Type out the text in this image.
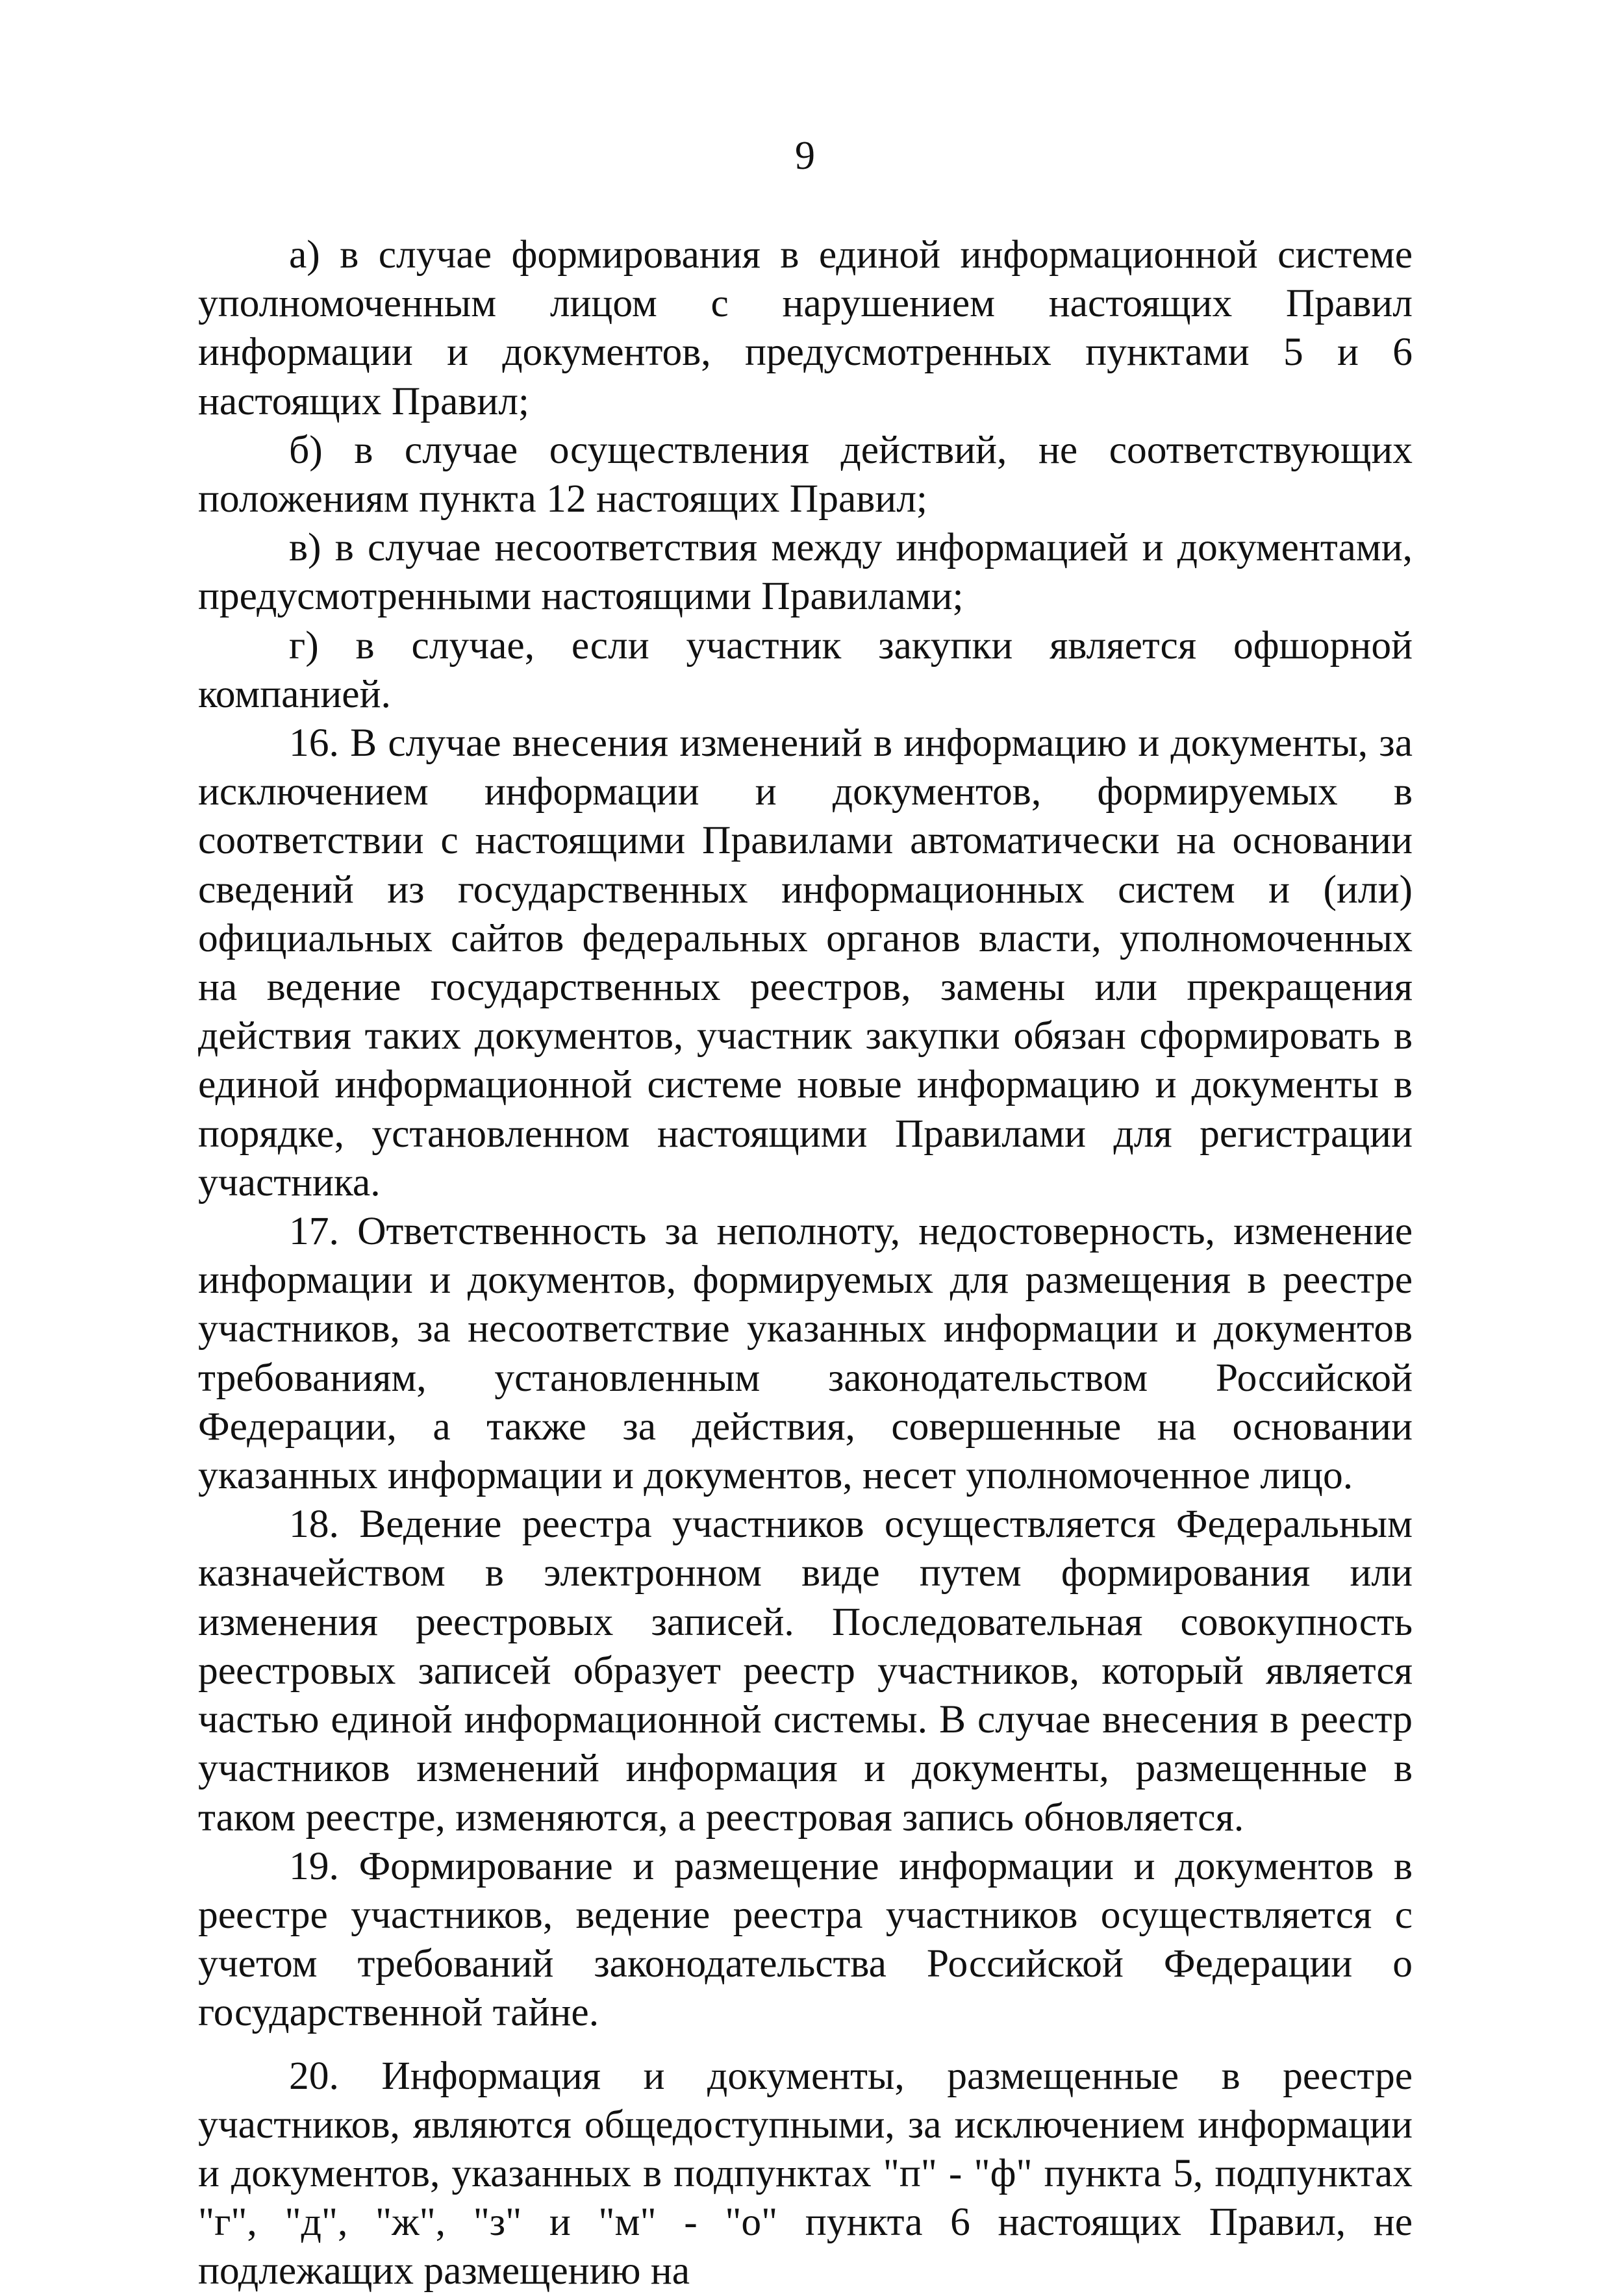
9

а) в случае формирования в единой информационной системе уполномоченным лицом с нарушением настоящих Правил информации и документов, предусмотренных пунктами 5 и 6 настоящих Правил;

б) в случае осуществления действий, не соответствующих положениям пункта 12 настоящих Правил;

в) в случае несоответствия между информацией и документами, предусмотренными настоящими Правилами;

г) в случае, если участник закупки является офшорной компанией.

16. В случае внесения изменений в информацию и документы, за исключением информации и документов, формируемых в соответствии с настоящими Правилами автоматически на основании сведений из государственных информационных систем и (или) официальных сайтов федеральных органов власти, уполномоченных на ведение государственных реестров, замены или прекращения действия таких документов, участник закупки обязан сформировать в единой информационной системе новые информацию и документы в порядке, установленном настоящими Правилами для регистрации участника.

17. Ответственность за неполноту, недостоверность, изменение информации и документов, формируемых для размещения в реестре участников, за несоответствие указанных информации и документов требованиям, установленным законодательством Российской Федерации, а также за действия, совершенные на основании указанных информации и документов, несет уполномоченное лицо.

18. Ведение реестра участников осуществляется Федеральным казначейством в электронном виде путем формирования или изменения реестровых записей. Последовательная совокупность реестровых записей образует реестр участников, который является частью единой информационной системы. В случае внесения в реестр участников изменений информация и документы, размещенные в таком реестре, изменяются, а реестровая запись обновляется.

19. Формирование и размещение информации и документов в реестре участников, ведение реестра участников осуществляется с учетом требований законодательства Российской Федерации о государственной тайне.

20. Информация и документы, размещенные в реестре участников, являются общедоступными, за исключением информации и документов, указанных в подпунктах "п" - "ф" пункта 5, подпунктах "г", "д", "ж", "з" и "м" - "о" пункта 6 настоящих Правил, не подлежащих размещению на
